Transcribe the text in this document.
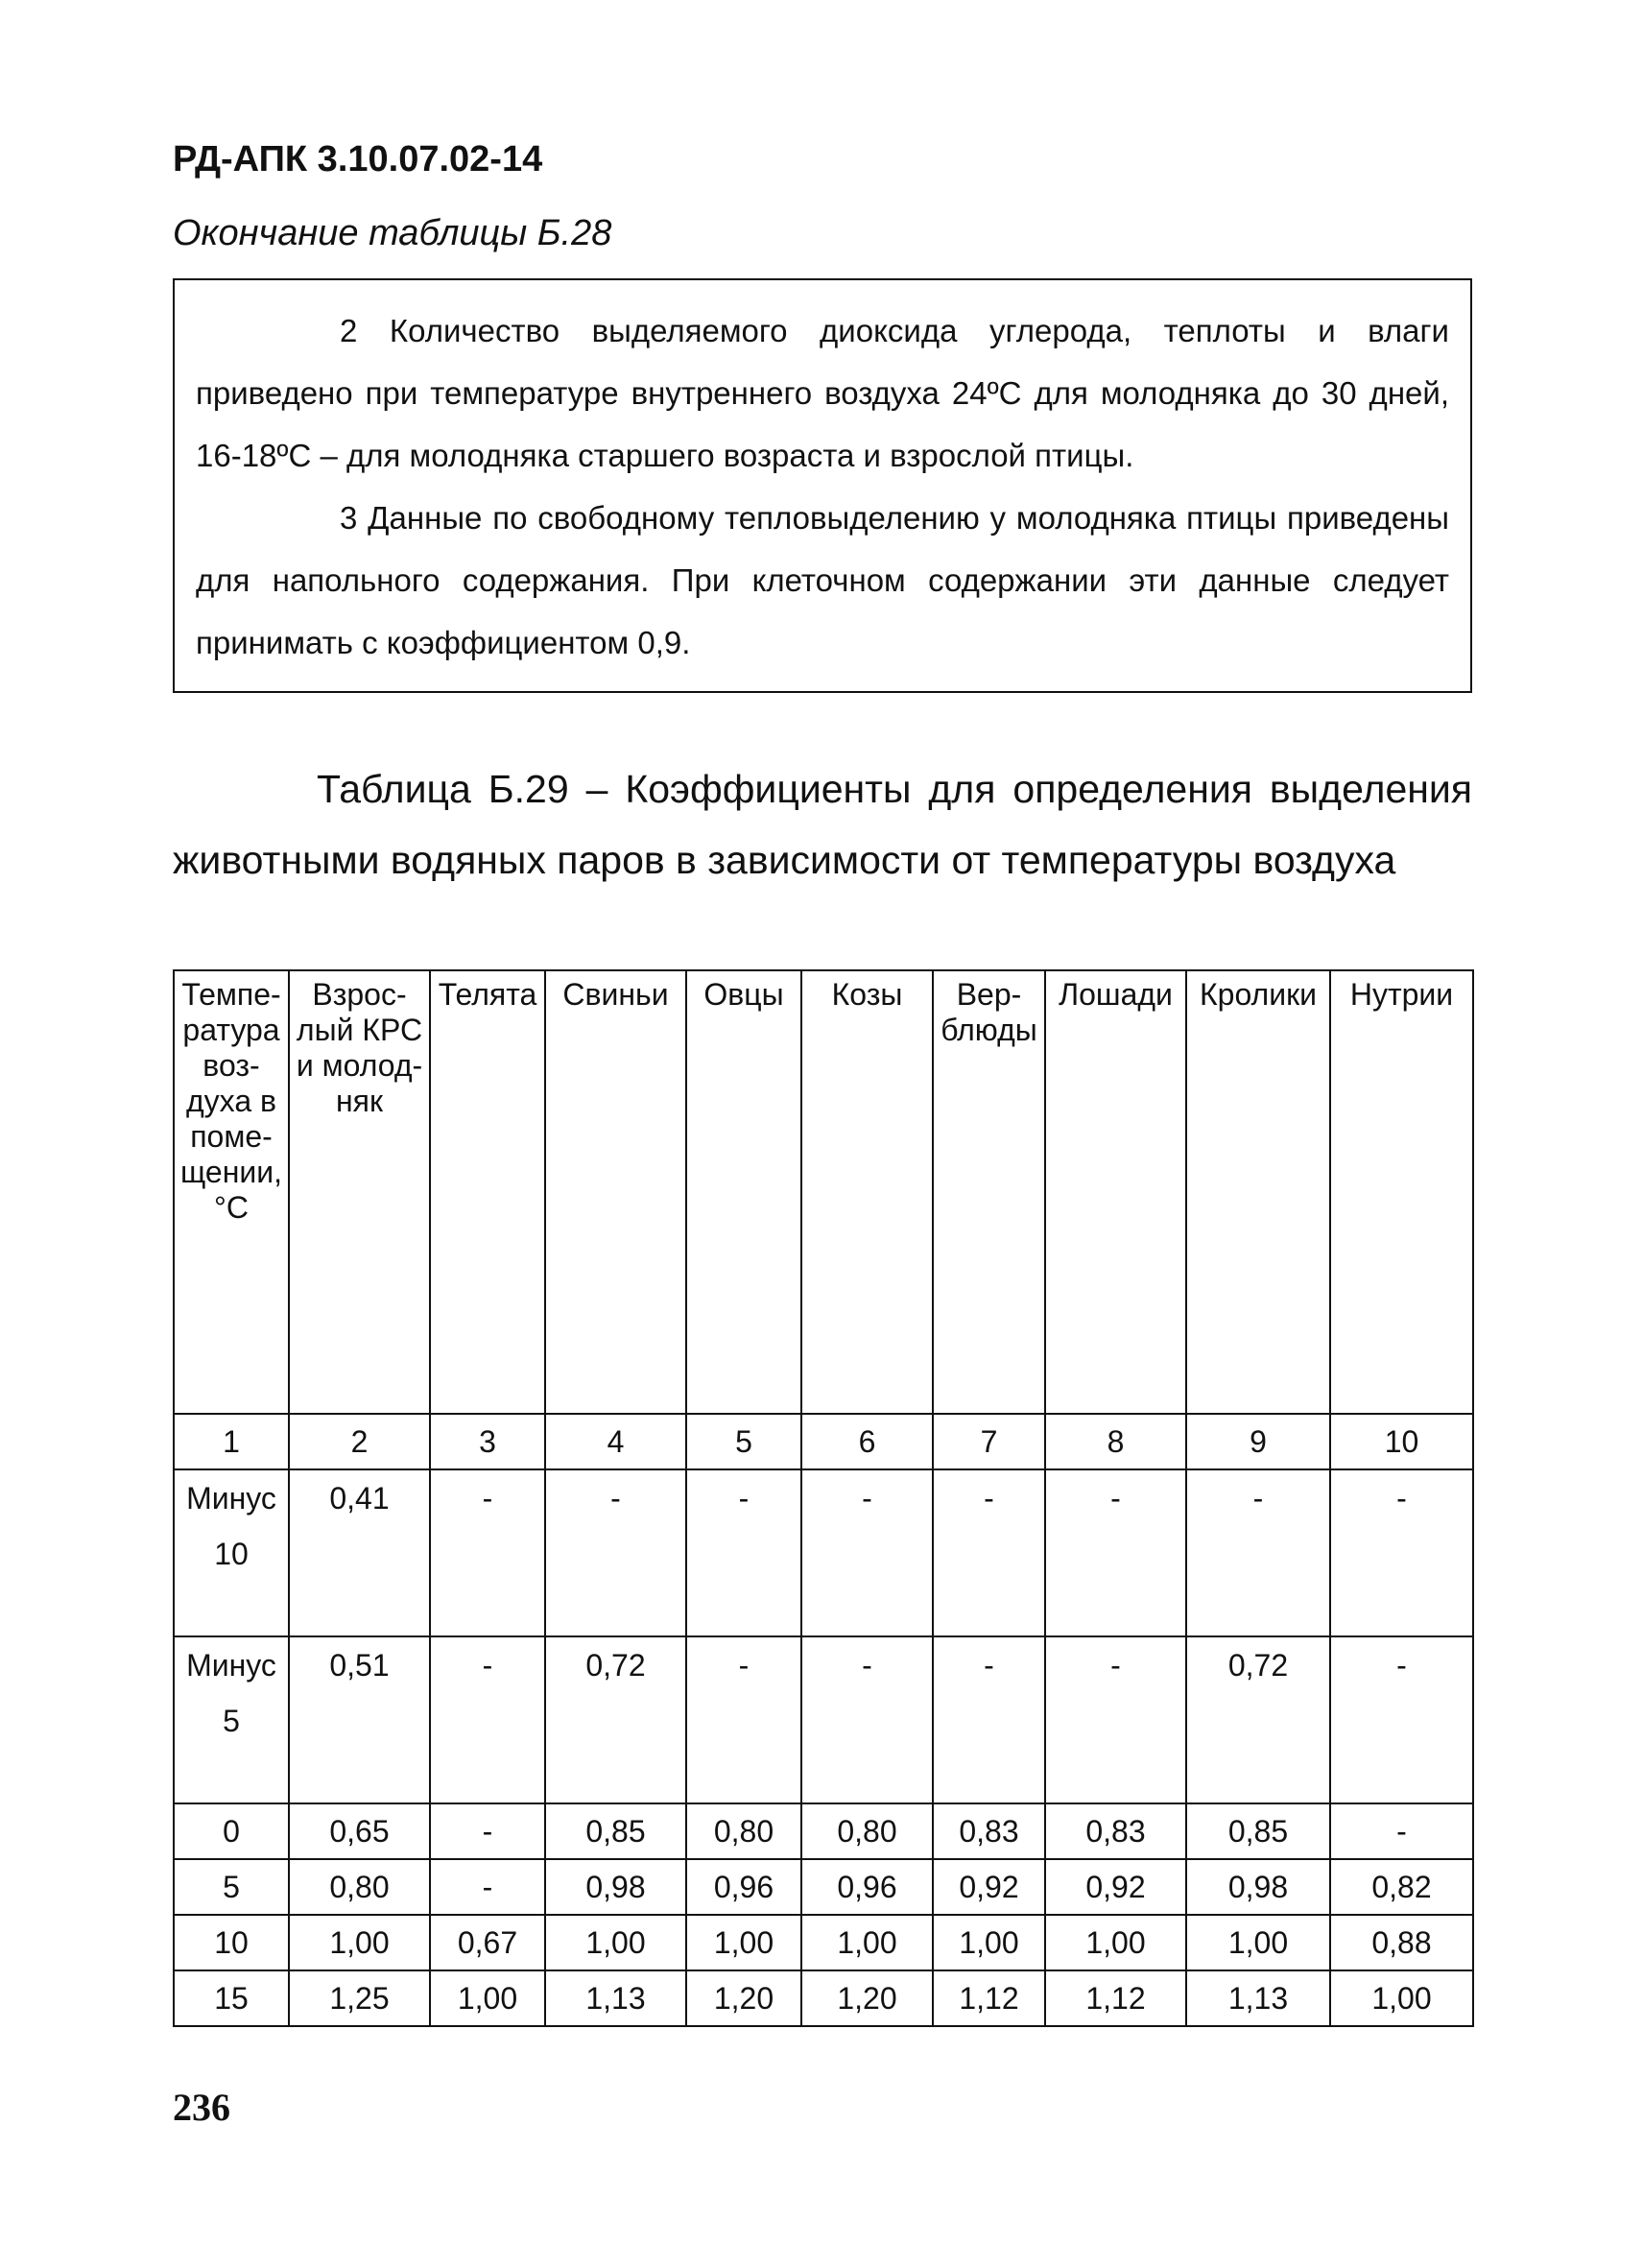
РД-АПК 3.10.07.02-14
Окончание таблицы Б.28

2 Количество выделяемого диоксида углерода, теплоты и влаги приведено при температуре внутреннего воздуха 24ºС для молодняка до 30 дней, 16-18ºС – для молодняка старшего возраста и взрослой птицы.

3 Данные по свободному тепловыделению у молодняка птицы приведены для напольного содержания. При клеточном содержании эти данные следует принимать с коэффициентом 0,9.

Таблица Б.29 – Коэффициенты для определения выделения животными водяных паров в зависимости от температуры воздуха

Температура воздуха в помещении, °С	Взрослый КРС и молодняк	Телята	Свиньи	Овцы	Козы	Верблюды	Лошади	Кролики	Нутрии
1	2	3	4	5	6	7	8	9	10
Минус 10	0,41	-	-	-	-	-	-	-	-
Минус 5	0,51	-	0,72	-	-	-	-	0,72	-
0	0,65	-	0,85	0,80	0,80	0,83	0,83	0,85	-
5	0,80	-	0,98	0,96	0,96	0,92	0,92	0,98	0,82
10	1,00	0,67	1,00	1,00	1,00	1,00	1,00	1,00	0,88
15	1,25	1,00	1,13	1,20	1,20	1,12	1,12	1,13	1,00
236
